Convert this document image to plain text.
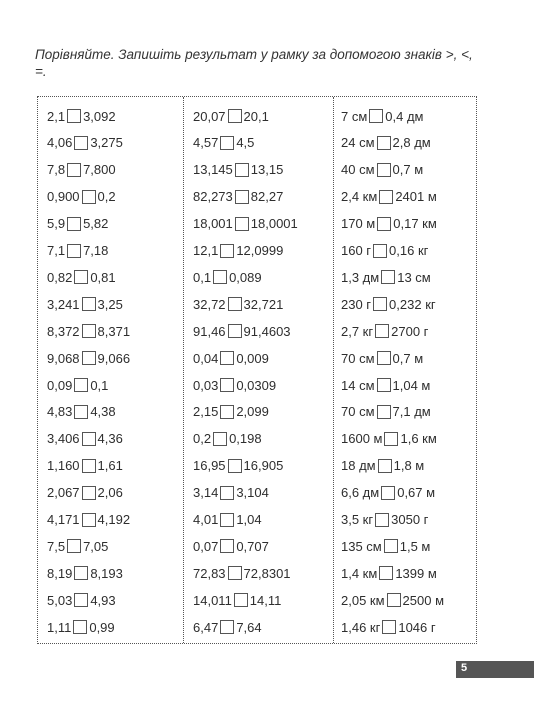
Порівняйте. Запишіть результат у рамку за допомогою знаків >, <, =.
2,1 3,092
4,06 3,275
7,8 7,800
0,900 0,2
5,9 5,82
7,1 7,18
0,82 0,81
3,241 3,25
8,372 8,371
9,068 9,066
0,09 0,1
4,83 4,38
3,406 4,36
1,160 1,61
2,067 2,06
4,171 4,192
7,5 7,05
8,19 8,193
5,03 4,93
1,11 0,99
20,07 20,1
4,57 4,5
13,145 13,15
82,273 82,27
18,001 18,0001
12,1 12,0999
0,1 0,089
32,72 32,721
91,46 91,4603
0,04 0,009
0,03 0,0309
2,15 2,099
0,2 0,198
16,95 16,905
3,14 3,104
4,01 1,04
0,07 0,707
72,83 72,8301
14,011 14,11
6,47 7,64
7 см 0,4 дм
24 см 2,8 дм
40 см 0,7 м
2,4 км 2401 м
170 м 0,17 км
160 г 0,16 кг
1,3 дм 13 см
230 г 0,232 кг
2,7 кг 2700 г
70 см 0,7 м
14 см 1,04 м
70 см 7,1 дм
1600 м 1,6 км
18 дм 1,8 м
6,6 дм 0,67 м
3,5 кг 3050 г
135 см 1,5 м
1,4 км 1399 м
2,05 км 2500 м
1,46 кг 1046 г
5
